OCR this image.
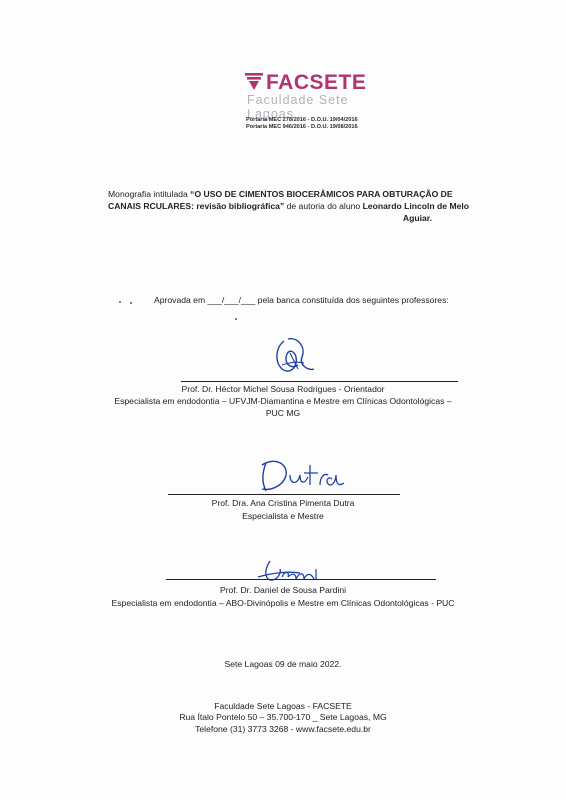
FACSETE
Faculdade Sete Lagoas
Portaria MEC 278/2016 - D.O.U. 19/04/2016
Portaria MEC 946/2016 - D.O.U. 19/08/2016
Monografia intitulada “O USO DE CIMENTOS BIOCERÂMICOS PARA OBTURAÇÃO DE
CANAIS RCULARES: revisão bibliográfica” de autoria do aluno Leonardo Lincoln de Melo
Aguiar.
Aprovada em ___/___/___ pela banca constituída dos seguintes professores:
Prof. Dr. Héctor Michel Sousa Rodrigues - Orientador
Especialista em endodontia – UFVJM-Diamantina e Mestre em Clínicas Odontológicas –
PUC MG
Prof. Dra. Ana Cristina Pimenta Dutra
Especialista e Mestre
Prof. Dr. Daniel de Sousa Pardini
Especialista em endodontia – ABO-Divinópolis e Mestre em Clínicas Odontológicas - PUC
Sete Lagoas 09 de maio 2022.
Faculdade Sete Lagoas - FACSETE
Rua Ítalo Pontelo 50 – 35.700-170 _ Sete Lagoas, MG
Telefone (31) 3773 3268 - www.facsete.edu.br
